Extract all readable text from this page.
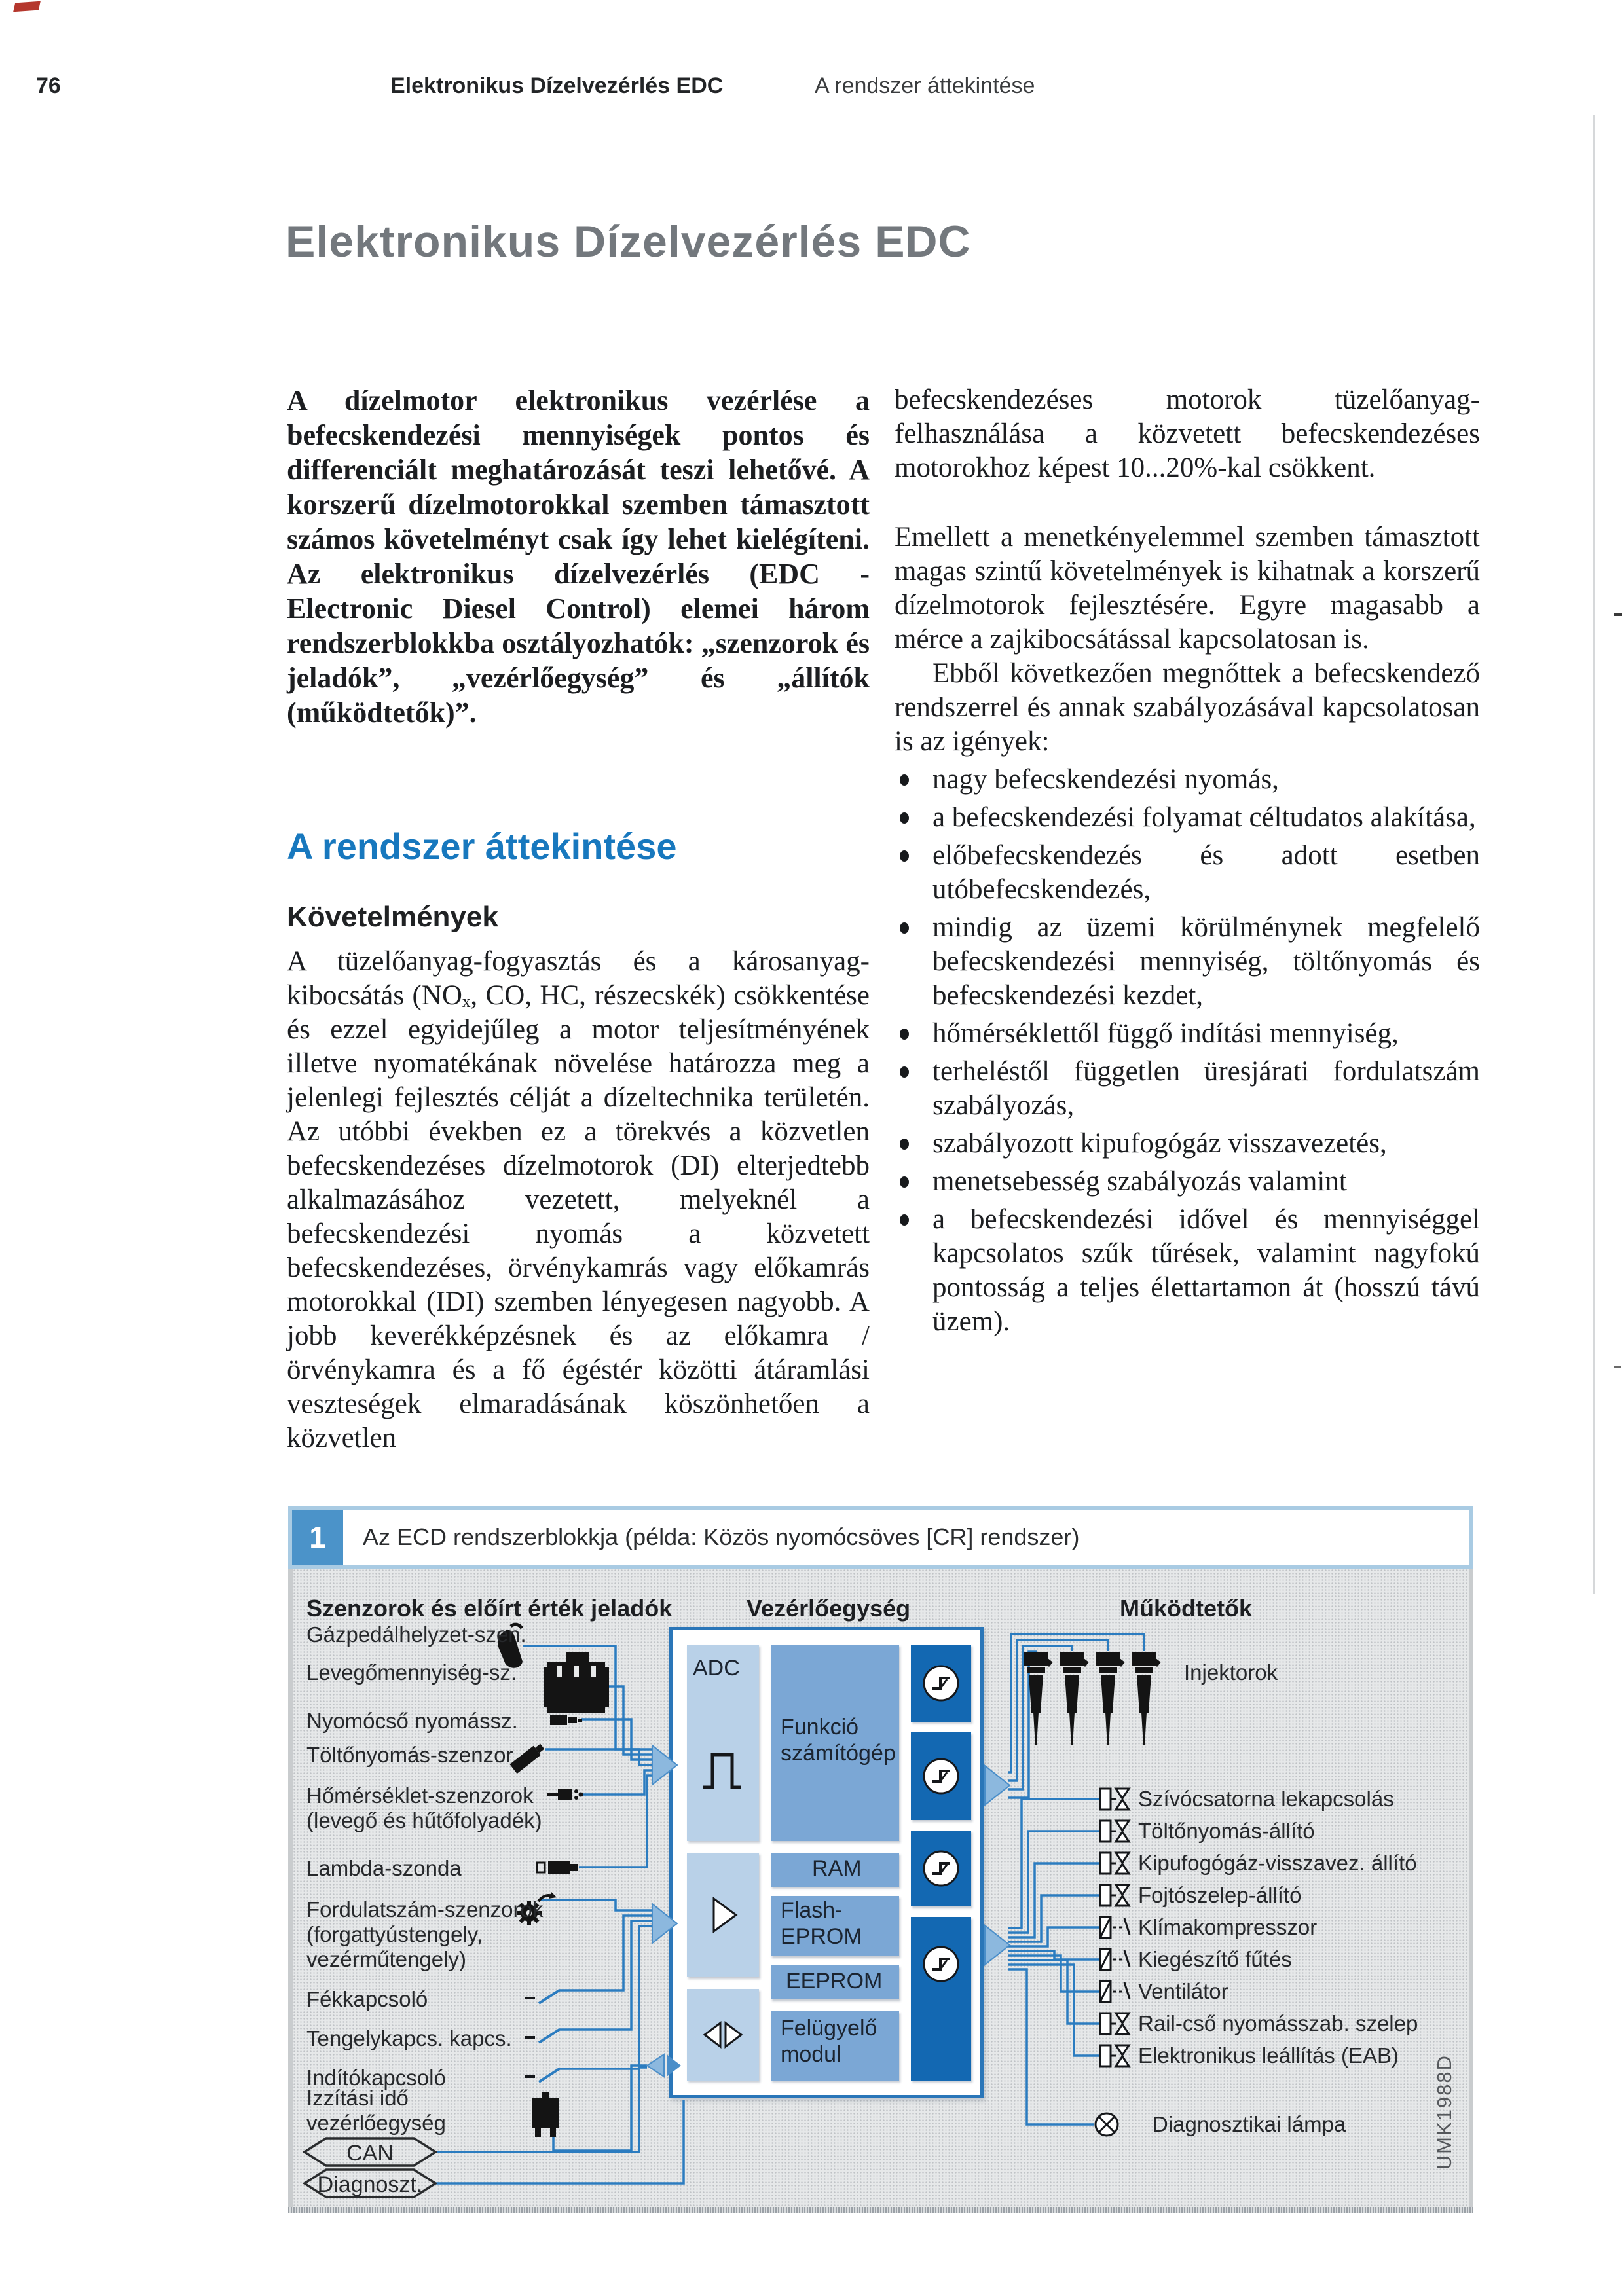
76	Elektronikus Dízelvezérlés EDC	A rendszer áttekintése
Elektronikus Dízelvezérlés EDC

A dízelmotor elektronikus vezérlése a befecskendezési mennyiségek pontos és differenciált meghatározását teszi lehetővé. A korszerű dízelmotorokkal szemben támasztott számos követelményt csak így lehet kielégíteni. Az elektronikus dízelvezérlés (EDC - Electronic Diesel Control) elemei három rendszerblokkba osztályozhatók: „szenzorok és jeladók”, „vezérlőegység” és „állítók (működtetők)”.

A rendszer áttekintése
Követelmények

A tüzelőanyag-fogyasztás és a károsanyag-kibocsátás (NOₓ, CO, HC, részecskék) csökkentése és ezzel egyidejűleg a motor teljesítményének illetve nyomatékának növelése határozza meg a jelenlegi fejlesztés célját a dízeltechnika területén. Az utóbbi években ez a törekvés a közvetlen befecskendezéses dízelmotorok (DI) elterjedtebb alkalmazásához vezetett, melyeknél a befecskendezési nyomás a közvetett befecskendezéses, örvénykamrás vagy előkamrás motorokkal (IDI) szemben lényegesen nagyobb. A jobb keverékképzésnek és az előkamra / örvénykamra és a fő égéstér közötti átáramlási veszteségek elmaradásának köszönhetően a közvetlen

befecskendezéses motorok tüzelőanyag-felhasználása a közvetett befecskendezéses motorokhoz képest 10...20%-kal csökkent.

Emellett a menetkényelemmel szemben támasztott magas szintű követelmények is kihatnak a korszerű dízelmotorok fejlesztésére. Egyre magasabb a mérce a zajkibocsátással kapcsolatosan is.

Ebből következően megnőttek a befecskendező rendszerrel és annak szabályozásával kapcsolatosan is az igények:

nagy befecskendezési nyomás,
a befecskendezési folyamat céltudatos alakítása,
előbefecskendezés és adott esetben utóbefecskendezés,
mindig az üzemi körülménynek megfelelő befecskendezési mennyiség, töltőnyomás és befecskendezési kezdet,
hőmérséklettől függő indítási mennyiség,
terheléstől független üresjárati fordulatszám szabályozás,
szabályozott kipufogógáz visszavezetés,
menetsebesség szabályozás valamint
a befecskendezési idővel és mennyiséggel kapcsolatos szűk tűrések, valamint nagyfokú pontosság a teljes élettartamon át (hosszú távú üzem).
1	Az ECD rendszerblokkja (példa: Közös nyomócsöves [CR] rendszer)
Szenzorok és előírt érték jeladók	Vezérlőegység	Működtetők
Gázpedálhelyzet-szen.
Levegőmennyiség-sz.
Nyomócső nyomássz.
Töltőnyomás-szenzor
Hőmérséklet-szenzorok
(levegő és hűtőfolyadék)
Lambda-szonda
Fordulatszám-szenzorok
(forgattyústengely,
vezérműtengely)
Fékkapcsoló
Tengelykapcs. kapcs.
Indítókapcsoló
Izzítási idő
vezérlőegység
CAN
Diagnoszt.
ADC
Funkció
számítógép
RAM
Flash-
EPROM
EEPROM
Felügyelő
modul
Injektorok
Szívócsatorna lekapcsolás
Töltőnyomás-állító
Kipufogógáz-visszavez. állító
Fojtószelep-állító
Klímakompresszor
Kiegészítő fűtés
Ventilátor
Rail-cső nyomásszab. szelep
Elektronikus leállítás (EAB)
Diagnosztikai lámpa	UMK1988D
